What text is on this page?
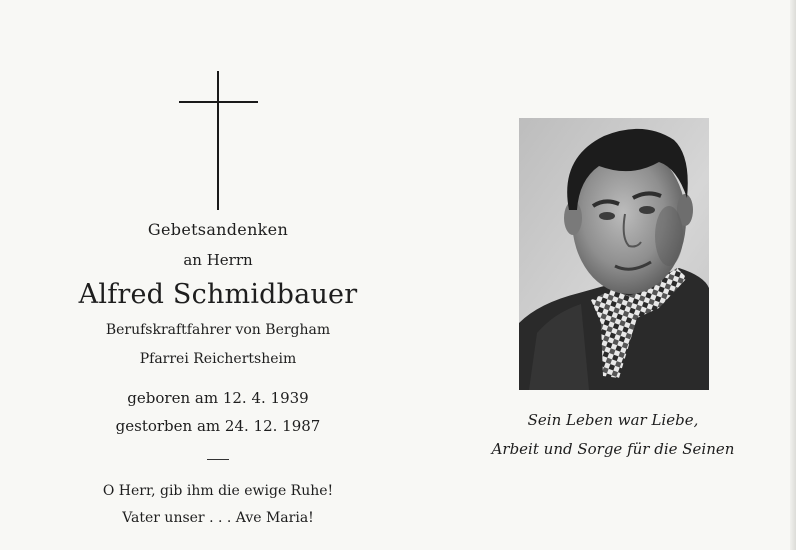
Gebetsandenken
an Herrn
Alfred Schmidbauer
Berufskraftfahrer von Bergham
Pfarrei Reichertsheim
geboren am 12. 4. 1939
gestorben am 24. 12. 1987
O Herr, gib ihm die ewige Ruhe!
Vater unser . . . Ave Maria!
Sein Leben war Liebe,
Arbeit und Sorge für die Seinen
